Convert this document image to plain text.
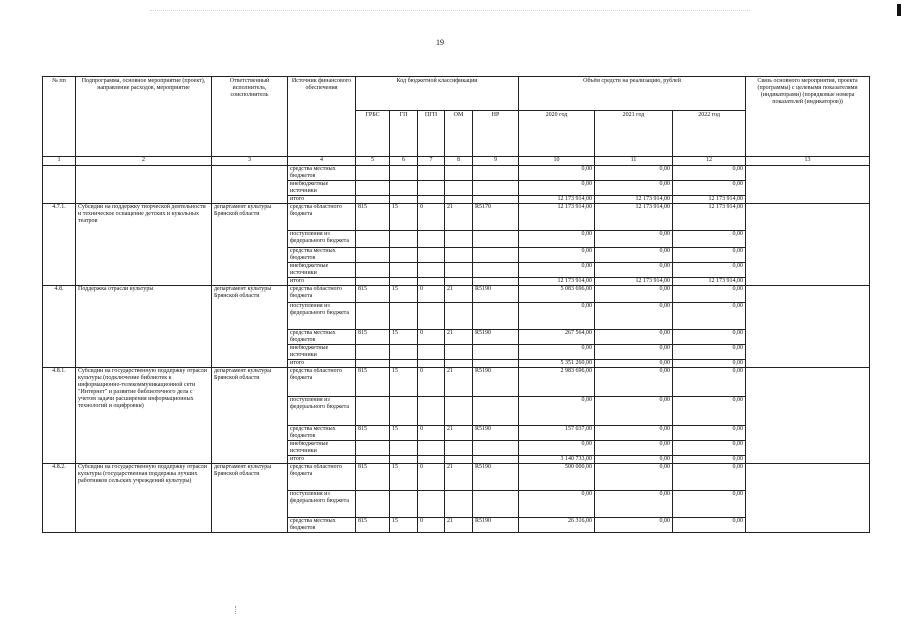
19
№ пп	Подпрограмма, основное мероприятие (проект), направление расходов, мероприятие	Ответственный исполнитель, соисполнитель	Источник финансового обеспечения	Код бюджетной классификации					Объём средств на реализацию, рублей			Связь основного мероприятия, проекта (программы) с целевыми показателями (индикаторами) (порядковые номера показателей (индикаторов))
				ГРБС	ГП	ПГП	ОМ	НР	2020 год	2021 год	2022 год	
1	2	3	4	5	6	7	8	9	10	11	12	13
			средства местных бюджетов						0,00	0,00	0,00	
			внебюджетные источники						0,00	0,00	0,00	
			итого						12 173 914,00	12 173 914,00	12 173 914,00	
4.7.1.	Субсидии на поддержку творческой деятельности и техническое оснащение детских и кукольных театров	департамент культуры Брянской области	средства областного бюджета	815	15	0	21	R5170	12 173 914,00	12 173 914,00	12 173 914,00	
			поступления из федерального бюджета						0,00	0,00	0,00	
			средства местных бюджетов						0,00	0,00	0,00	
			внебюджетные источники						0,00	0,00	0,00	
			итого						12 173 914,00	12 173 914,00	12 173 914,00	
4.8.	Поддержка отрасли культуры	департамент культуры Брянской области	средства областного бюджета	815	15	0	21	R5190	5 083 696,00	0,00	0,00	
			поступления из федерального бюджета						0,00	0,00	0,00	
			средства местных бюджетов	815	15	0	21	R5190	267 564,00	0,00	0,00	
			внебюджетные источники						0,00	0,00	0,00	
			итого						5 351 260,00	0,00	0,00	
4.8.1.	Субсидии на государственную поддержку отрасли культуры (подключение библиотек к информационно-телекоммуникационной сети "Интернет" и развитие библиотечного дела с учетом задачи расширения информационных технологий и оцифровки)	департамент культуры Брянской области	средства областного бюджета	815	15	0	21	R5190	2 983 696,00	0,00	0,00	
			поступления из федерального бюджета						0,00	0,00	0,00	
			средства местных бюджетов	815	15	0	21	R5190	157 037,00	0,00	0,00	
			внебюджетные источники						0,00	0,00	0,00	
			итого						3 140 733,00	0,00	0,00	
4.8.2.	Субсидии на государственную поддержку отрасли культуры (государственная поддержка лучших работников сельских учреждений культуры)	департамент культуры Брянской области	средства областного бюджета	815	15	0	21	R5190	500 000,00	0,00	0,00	
			поступления из федерального бюджета						0,00	0,00	0,00	
			средства местных бюджетов	815	15	0	21	R5190	26 316,00	0,00	0,00	
